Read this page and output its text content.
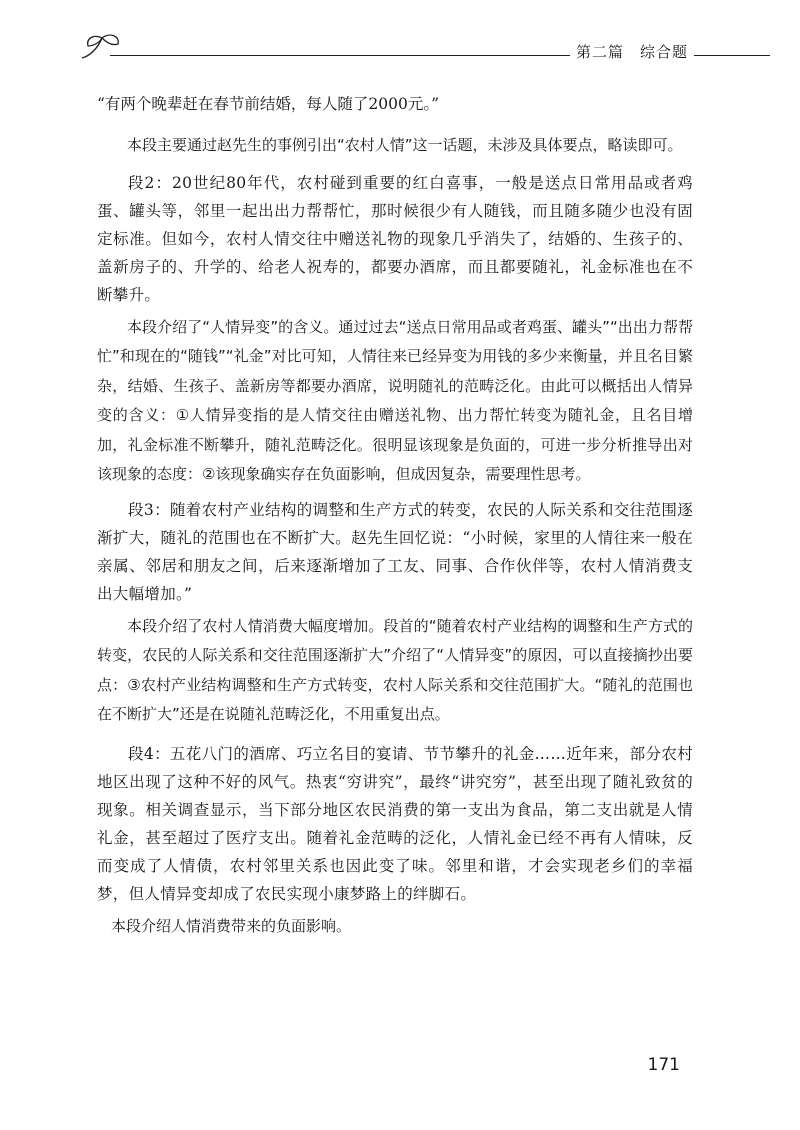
第二篇　综合题

“有两个晚辈赶在春节前结婚，每人随了2000元。”

本段主要通过赵先生的事例引出“农村人情”这一话题，未涉及具体要点，略读即可。

段2：20世纪80年代，农村碰到重要的红白喜事，一般是送点日常用品或者鸡蛋、罐头等，邻里一起出出力帮帮忙，那时候很少有人随钱，而且随多随少也没有固定标准。但如今，农村人情交往中赠送礼物的现象几乎消失了，结婚的、生孩子的、盖新房子的、升学的、给老人祝寿的，都要办酒席，而且都要随礼，礼金标准也在不断攀升。

本段介绍了“人情异变”的含义。通过过去“送点日常用品或者鸡蛋、罐头”“出出力帮帮忙”和现在的“随钱”“礼金”对比可知，人情往来已经异变为用钱的多少来衡量，并且名目繁杂，结婚、生孩子、盖新房等都要办酒席，说明随礼的范畴泛化。由此可以概括出人情异变的含义：①人情异变指的是人情交往由赠送礼物、出力帮忙转变为随礼金，且名目增加，礼金标准不断攀升，随礼范畴泛化。很明显该现象是负面的，可进一步分析推导出对该现象的态度：②该现象确实存在负面影响，但成因复杂，需要理性思考。

段3：随着农村产业结构的调整和生产方式的转变，农民的人际关系和交往范围逐渐扩大，随礼的范围也在不断扩大。赵先生回忆说：“小时候，家里的人情往来一般在亲属、邻居和朋友之间，后来逐渐增加了工友、同事、合作伙伴等，农村人情消费支出大幅增加。”

本段介绍了农村人情消费大幅度增加。段首的“随着农村产业结构的调整和生产方式的转变，农民的人际关系和交往范围逐渐扩大”介绍了“人情异变”的原因，可以直接摘抄出要点：③农村产业结构调整和生产方式转变，农村人际关系和交往范围扩大。“随礼的范围也在不断扩大”还是在说随礼范畴泛化，不用重复出点。

段4：五花八门的酒席、巧立名目的宴请、节节攀升的礼金……近年来，部分农村地区出现了这种不好的风气。热衷“穷讲究”，最终“讲究穷”，甚至出现了随礼致贫的现象。相关调查显示，当下部分地区农民消费的第一支出为食品，第二支出就是人情礼金，甚至超过了医疗支出。随着礼金范畴的泛化，人情礼金已经不再有人情味，反而变成了人情债，农村邻里关系也因此变了味。邻里和谐，才会实现老乡们的幸福梦，但人情异变却成了农民实现小康梦路上的绊脚石。

本段介绍人情消费带来的负面影响。

171
